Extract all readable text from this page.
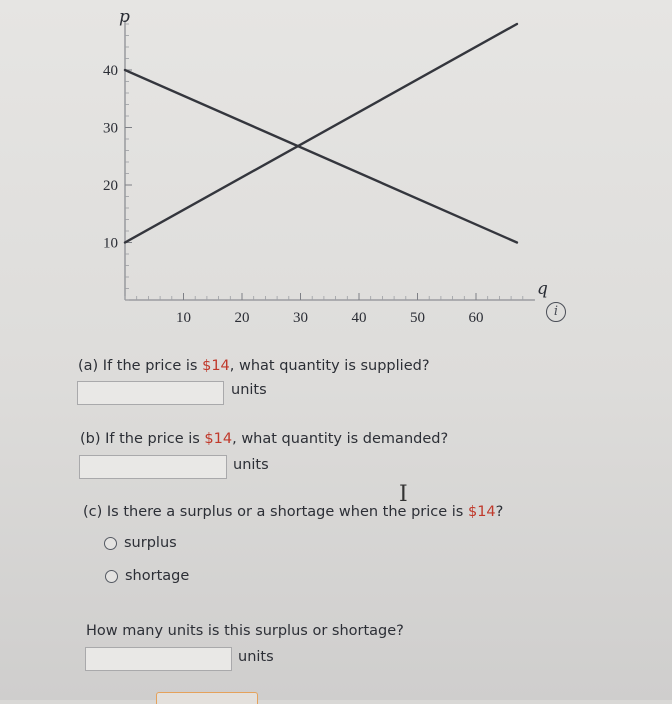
10	20	30	40	50	60
10
20
30
40
p
q
i
(a) If the price is $14, what quantity is supplied?
units
(b) If the price is $14, what quantity is demanded?
units
I
(c) Is there a surplus or a shortage when the price is $14?
surplus
shortage
How many units is this surplus or shortage?
units
